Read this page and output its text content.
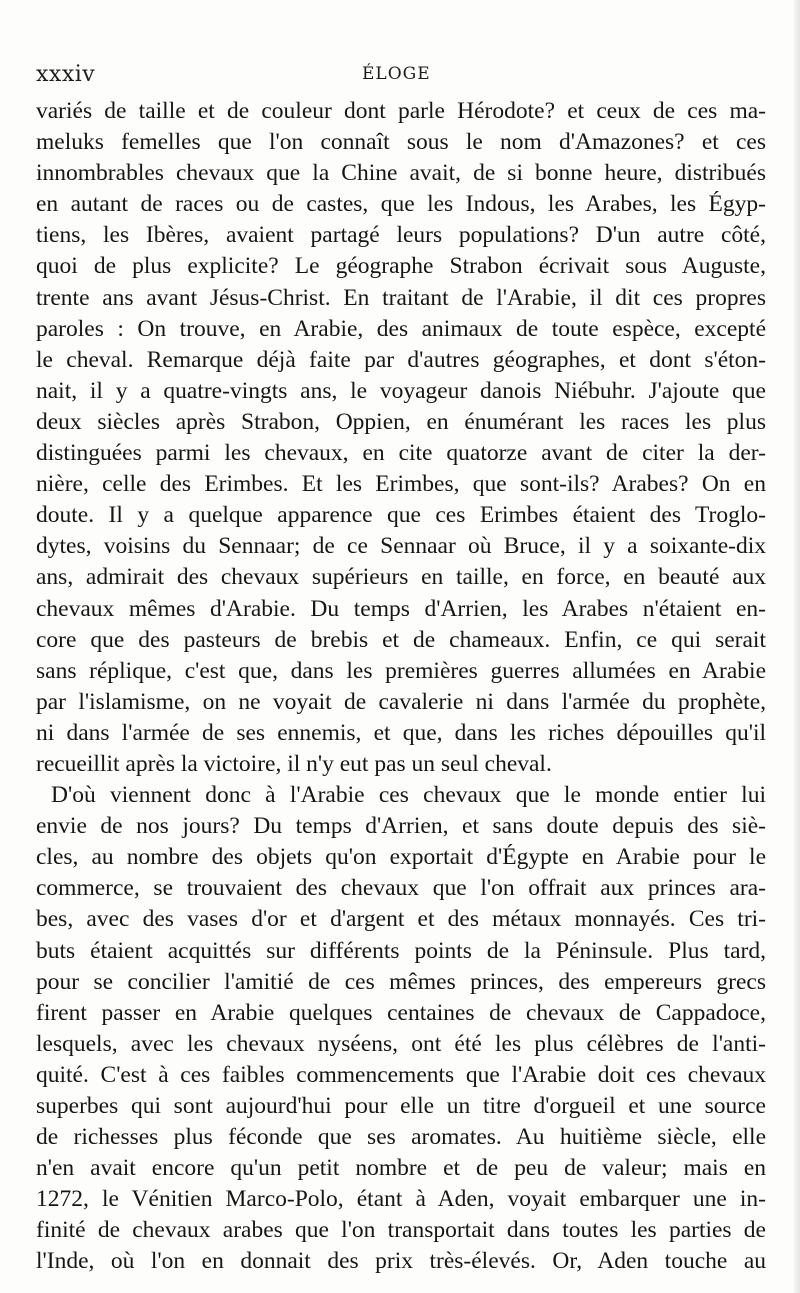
xxxiv	ÉLOGE
variés de taille et de couleur dont parle Hérodote? et ceux de ces ma-
meluks femelles que l'on connaît sous le nom d'Amazones? et ces
innombrables chevaux que la Chine avait, de si bonne heure, distribués
en autant de races ou de castes, que les Indous, les Arabes, les Égyp-
tiens, les Ibères, avaient partagé leurs populations? D'un autre côté,
quoi de plus explicite? Le géographe Strabon écrivait sous Auguste,
trente ans avant Jésus-Christ. En traitant de l'Arabie, il dit ces propres
paroles : On trouve, en Arabie, des animaux de toute espèce, excepté
le cheval. Remarque déjà faite par d'autres géographes, et dont s'éton-
nait, il y a quatre-vingts ans, le voyageur danois Niébuhr. J'ajoute que
deux siècles après Strabon, Oppien, en énumérant les races les plus
distinguées parmi les chevaux, en cite quatorze avant de citer la der-
nière, celle des Erimbes. Et les Erimbes, que sont-ils? Arabes? On en
doute. Il y a quelque apparence que ces Erimbes étaient des Troglo-
dytes, voisins du Sennaar; de ce Sennaar où Bruce, il y a soixante-dix
ans, admirait des chevaux supérieurs en taille, en force, en beauté aux
chevaux mêmes d'Arabie. Du temps d'Arrien, les Arabes n'étaient en-
core que des pasteurs de brebis et de chameaux. Enfin, ce qui serait
sans réplique, c'est que, dans les premières guerres allumées en Arabie
par l'islamisme, on ne voyait de cavalerie ni dans l'armée du prophète,
ni dans l'armée de ses ennemis, et que, dans les riches dépouilles qu'il
recueillit après la victoire, il n'y eut pas un seul cheval.
D'où viennent donc à l'Arabie ces chevaux que le monde entier lui
envie de nos jours? Du temps d'Arrien, et sans doute depuis des siè-
cles, au nombre des objets qu'on exportait d'Égypte en Arabie pour le
commerce, se trouvaient des chevaux que l'on offrait aux princes ara-
bes, avec des vases d'or et d'argent et des métaux monnayés. Ces tri-
buts étaient acquittés sur différents points de la Péninsule. Plus tard,
pour se concilier l'amitié de ces mêmes princes, des empereurs grecs
firent passer en Arabie quelques centaines de chevaux de Cappadoce,
lesquels, avec les chevaux nyséens, ont été les plus célèbres de l'anti-
quité. C'est à ces faibles commencements que l'Arabie doit ces chevaux
superbes qui sont aujourd'hui pour elle un titre d'orgueil et une source
de richesses plus féconde que ses aromates. Au huitième siècle, elle
n'en avait encore qu'un petit nombre et de peu de valeur; mais en
1272, le Vénitien Marco-Polo, étant à Aden, voyait embarquer une in-
finité de chevaux arabes que l'on transportait dans toutes les parties de
l'Inde, où l'on en donnait des prix très-élevés. Or, Aden touche au
